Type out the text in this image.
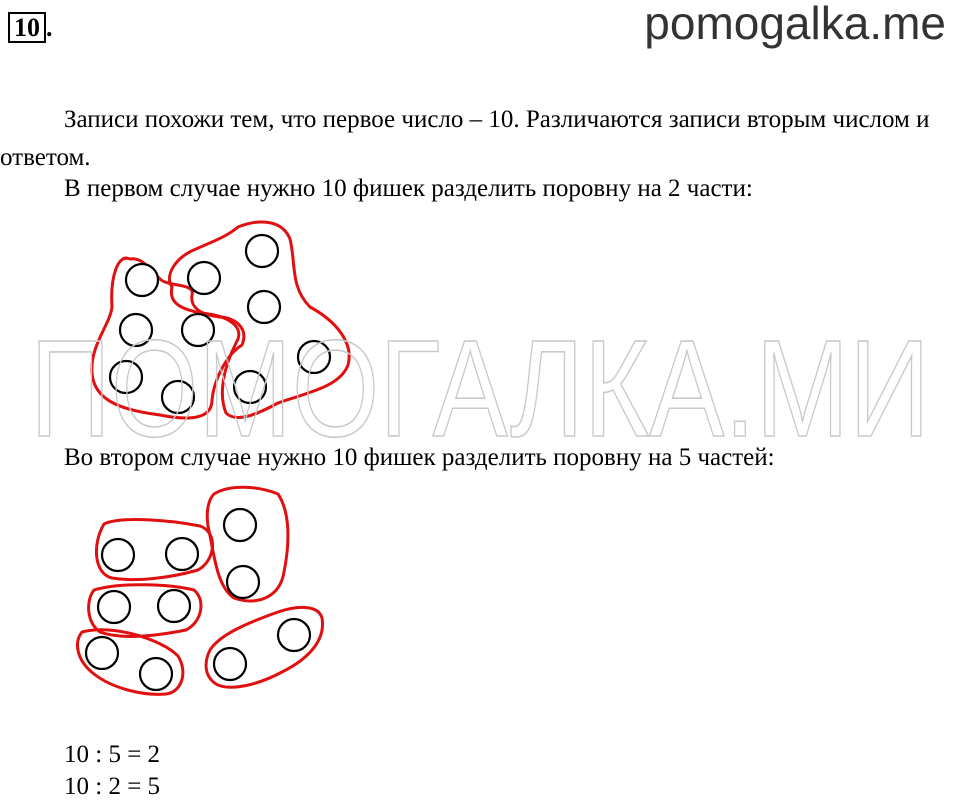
10 .	pomogalka.me

Записи похожи тем, что первое число – 10. Различаются записи вторым числом и ответом.

В первом случае нужно 10 фишек разделить поровну на 2 части:

ПОМОГАЛКА.МИ

Во втором случае нужно 10 фишек разделить поровну на 5 частей:

10 : 5 = 2
10 : 2 = 5
